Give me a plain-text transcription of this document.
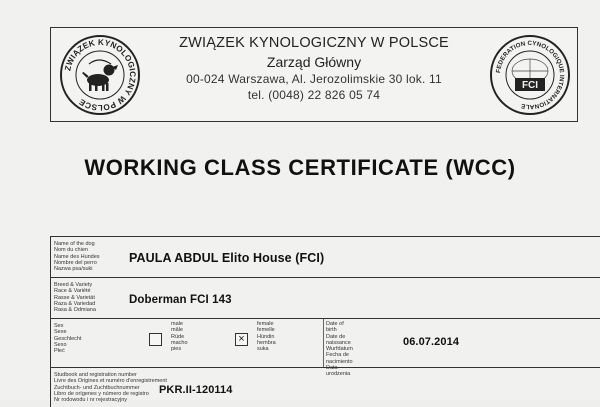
ZWIĄZEK KYNOLOGICZNY W POLSCE
ZWIĄZEK KYNOLOGICZNY W POLSCE
Zarząd Główny
00-024 Warszawa, Al. Jerozolimskie 30 lok. 11
tel. (0048) 22 826 05 74
FEDERATION CYNOLOGIQUE INTERNATIONALE
FCI
WORKING CLASS CERTIFICATE (WCC)
Name of the dog
Nom du chien
Name des Hundes
Nombre del perro
Nazwa psa/suki
PAULA ABDUL Elito House (FCI)
Breed & Variety
Race & Variété
Rasse & Varietät
Raza & Variedad
Rasa & Odmiana
Doberman FCI 143
Sex
Sexe
Geschlecht
Sexo
Płeć
male
mâle
Rüde
macho
pies
×
female
femelle
Hündin
hembra
suka
Date of birth
Date de naissance
Wurfdatum
Fecha de nacimiento
Data urodzenia
06.07.2014
Studbook and registration number
Livre des Origines et numéro d'enregistrement
Zuchtbuch- und Zuchtbuchnummer
Libro de orígenes y número de registro
Nr rodowodu i nr rejestracyjny
PKR.II-120114
